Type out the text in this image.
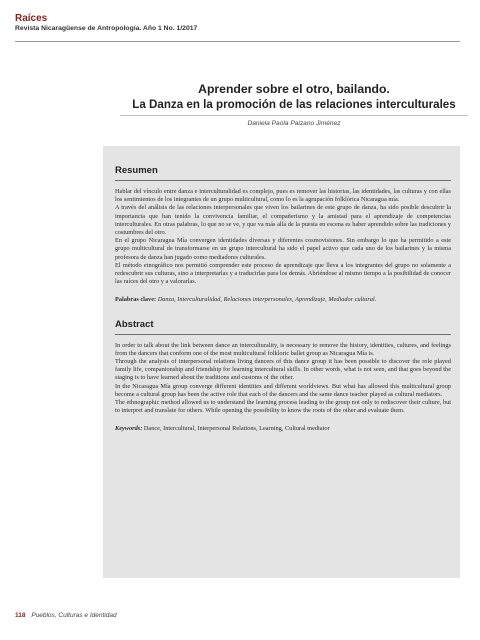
Raíces
Revista Nicaragüense de Antropología. Año 1 No. 1/2017
Aprender sobre el otro, bailando.
La Danza en la promoción de las relaciones interculturales
Daniela Paola Paizano Jiménez
Resumen

Hablar del vínculo entre danza e interculturalidad es complejo, pues es remover las historias, las identidades, las culturas y con ellas los sentimientos de los integrantes de un grupo multicultural, como lo es la agrupación folklórica Nicaragua mía.

A través del análisis de las relaciones interpersonales que viven los bailarines de este grupo de danza, ha sido posible descubrir la importancia que han tenido la convivencia familiar, el compañerismo y la amistad para el aprendizaje de competencias interculturales. En otras palabras, lo que no se ve, y que va más allá de la puesta en escena es haber aprendido sobre las tradiciones y costumbres del otro.

En el grupo Nicaragua Mía convergen identidades diversas y diferentes cosmovisiones. Sin embargo lo que ha permitido a este grupo multicultural de transformarse en un grupo intercultural ha sido el papel activo que cada uno de los bailarines y la misma profesora de danza han jugado como mediadores culturales.

El método etnográfico nos permitió comprender este proceso de aprendizaje que lleva a los integrantes del grupo no solamente a redescubrir sus culturas, sino a interpretarlas y a traducirlas para los demás. Abriéndose al mismo tiempo a la posibilidad de conocer las raíces del otro y a valorarlas.

Palabras clave: Danza, Interculturalidad, Relaciones interpersonales, Aprendizaje, Mediador cultural.
Abstract

In order to talk about the link between dance an interculturality, is necessary to remove the history, identities, cultures, and feelings from the dancers that conform one of the most multicultural folkloric ballet group as Nicaragua Mía is.

Through the analysis of interpersonal relations living dancers of this dance group it has been possible to discover the role played family life, companionship and friendship for learning intercultural skills. In other words, what is not seen, and that goes beyond the staging is to have learned about the traditions and customs of the other.

In the Nicaragua Mía group converge different identities and different worldviews. But what has allowed this multicultural group become a cultural group has been the active role that each of the dancers and the same dance teacher played as cultural mediators.

The ethnographic method allowed us to understand the learning process leading to the group not only to rediscover their culture, but to interpret and translate for others. While opening the possibility to know the roots of the other and evaluate them.

Keywords: Dance, Intercultural, Interpersonal Relations, Learning, Cultural mediator
118 Pueblos, Culturas e Identidad
